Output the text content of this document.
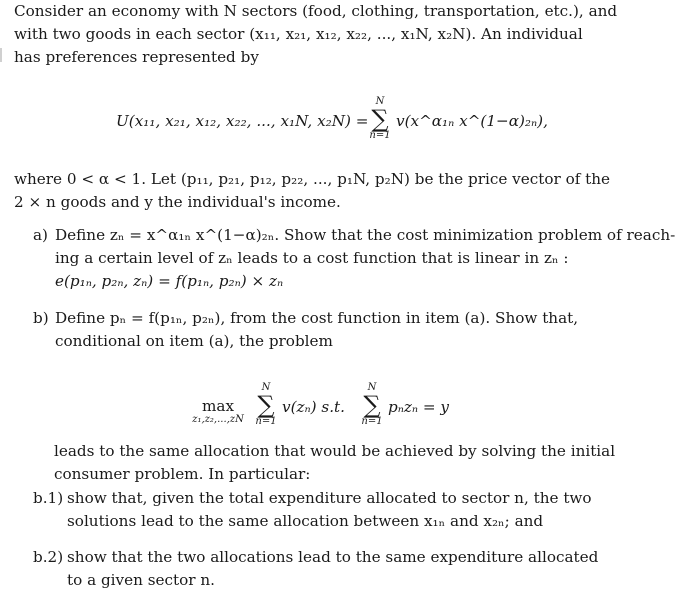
Consider an economy with N sectors (food, clothing, transportation, etc.), and
with two goods in each sector (x₁₁, x₂₁, x₁₂, x₂₂, ..., x₁N, x₂N). An individual
has preferences represented by
U(x₁₁, x₂₁, x₁₂, x₂₂, ..., x₁N, x₂N) =
N
∑
n=1
v(x^α₁ₙ x^(1−α)₂ₙ),
where 0 < α < 1. Let (p₁₁, p₂₁, p₁₂, p₂₂, ..., p₁N, p₂N) be the price vector of the
2 × n goods and y the individual's income.
a) Define zₙ = x^α₁ₙ x^(1−α)₂ₙ. Show that the cost minimization problem of reach-
ing a certain level of zₙ leads to a cost function that is linear in zₙ :
e(p₁ₙ, p₂ₙ, zₙ) = f(p₁ₙ, p₂ₙ) × zₙ
b) Define pₙ = f(p₁ₙ, p₂ₙ), from the cost function in item (a). Show that,
conditional on item (a), the problem
max
z₁,z₂,...,zN
N
∑
n=1
v(zₙ) s.t.
N
∑
n=1
pₙzₙ = y
leads to the same allocation that would be achieved by solving the initial
consumer problem. In particular:
b.1) show that, given the total expenditure allocated to sector n, the two
solutions lead to the same allocation between x₁ₙ and x₂ₙ; and
b.2) show that the two allocations lead to the same expenditure allocated
to a given sector n.
